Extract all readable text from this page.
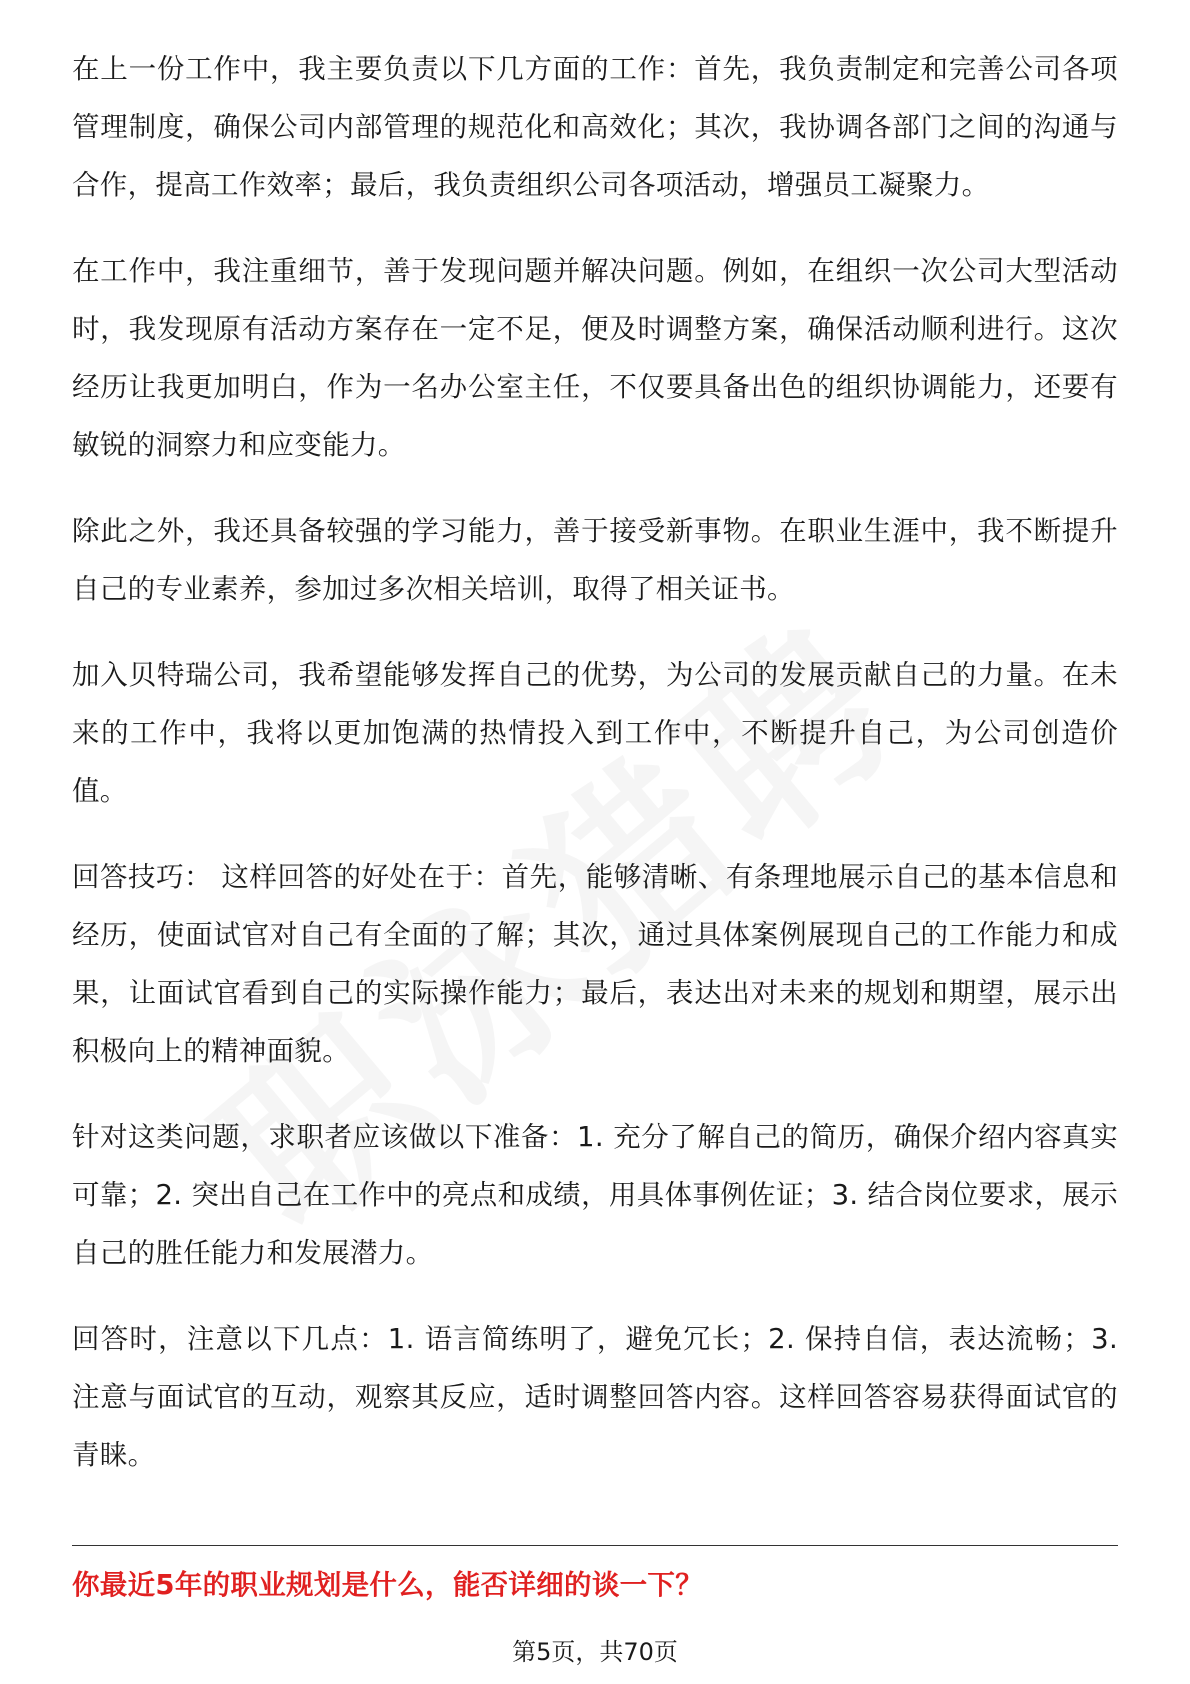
在上一份工作中，我主要负责以下几方面的工作：首先，我负责制定和完善公司各项管理制度，确保公司内部管理的规范化和高效化；其次，我协调各部门之间的沟通与合作，提高工作效率；最后，我负责组织公司各项活动，增强员工凝聚力。

在工作中，我注重细节，善于发现问题并解决问题。例如，在组织一次公司大型活动时，我发现原有活动方案存在一定不足，便及时调整方案，确保活动顺利进行。这次经历让我更加明白，作为一名办公室主任，不仅要具备出色的组织协调能力，还要有敏锐的洞察力和应变能力。

除此之外，我还具备较强的学习能力，善于接受新事物。在职业生涯中，我不断提升自己的专业素养，参加过多次相关培训，取得了相关证书。

加入贝特瑞公司，我希望能够发挥自己的优势，为公司的发展贡献自己的力量。在未来的工作中，我将以更加饱满的热情投入到工作中，不断提升自己，为公司创造价值。

回答技巧： 这样回答的好处在于：首先，能够清晰、有条理地展示自己的基本信息和经历，使面试官对自己有全面的了解；其次，通过具体案例展现自己的工作能力和成果，让面试官看到自己的实际操作能力；最后，表达出对未来的规划和期望，展示出积极向上的精神面貌。

针对这类问题，求职者应该做以下准备：1. 充分了解自己的简历，确保介绍内容真实可靠；2. 突出自己在工作中的亮点和成绩，用具体事例佐证；3. 结合岗位要求，展示自己的胜任能力和发展潜力。

回答时，注意以下几点：1. 语言简练明了，避免冗长；2. 保持自信，表达流畅；3. 注意与面试官的互动，观察其反应，适时调整回答内容。这样回答容易获得面试官的青睐。

你最近5年的职业规划是什么，能否详细的谈一下？
第5页，共70页
